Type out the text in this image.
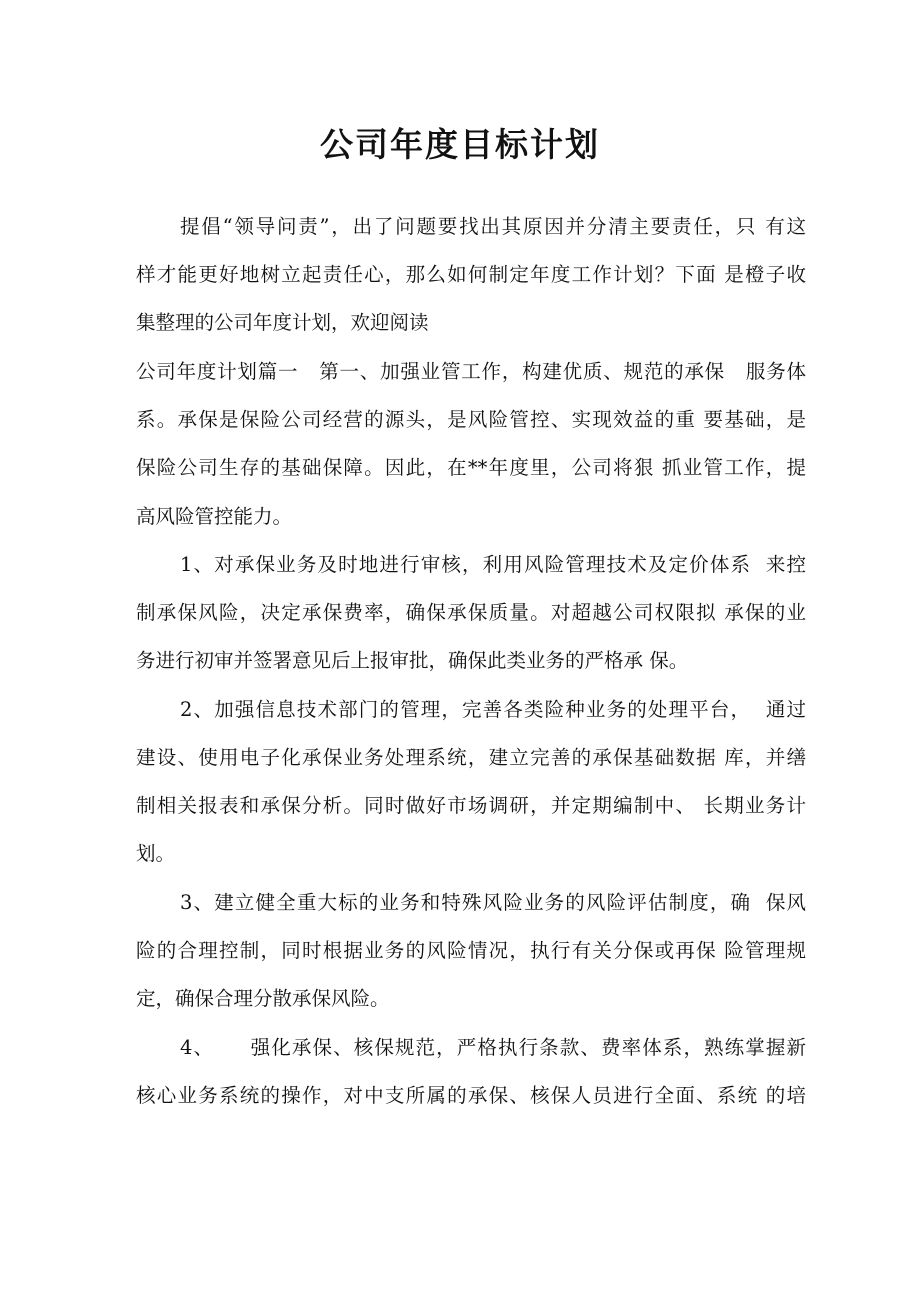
公司年度目标计划
提倡“领导问责”，出了问题要找出其原因并分清主要责任，只 有这
样才能更好地树立起责任心，那么如何制定年度工作计划？下面 是橙子收
集整理的公司年度计划，欢迎阅读
公司年度计划篇一   第一、加强业管工作，构建优质、规范的承保   服务体
系。承保是保险公司经营的源头，是风险管控、实现效益的重 要基础，是
保险公司生存的基础保障。因此，在**年度里，公司将狠 抓业管工作，提
高风险管控能力。
1、对承保业务及时地进行审核，利用风险管理技术及定价体系  来控
制承保风险，决定承保费率，确保承保质量。对超越公司权限拟 承保的业
务进行初审并签署意见后上报审批，确保此类业务的严格承 保。
2、加强信息技术部门的管理，完善各类险种业务的处理平台，  通过
建设、使用电子化承保业务处理系统，建立完善的承保基础数据 库，并缮
制相关报表和承保分析。同时做好市场调研，并定期编制中、 长期业务计
划。
3、建立健全重大标的业务和特殊风险业务的风险评估制度，确  保风
险的合理控制，同时根据业务的风险情况，执行有关分保或再保 险管理规
定，确保合理分散承保风险。
4、     强化承保、核保规范，严格执行条款、费率体系，熟练掌握新
核心业务系统的操作，对中支所属的承保、核保人员进行全面、系统 的培
